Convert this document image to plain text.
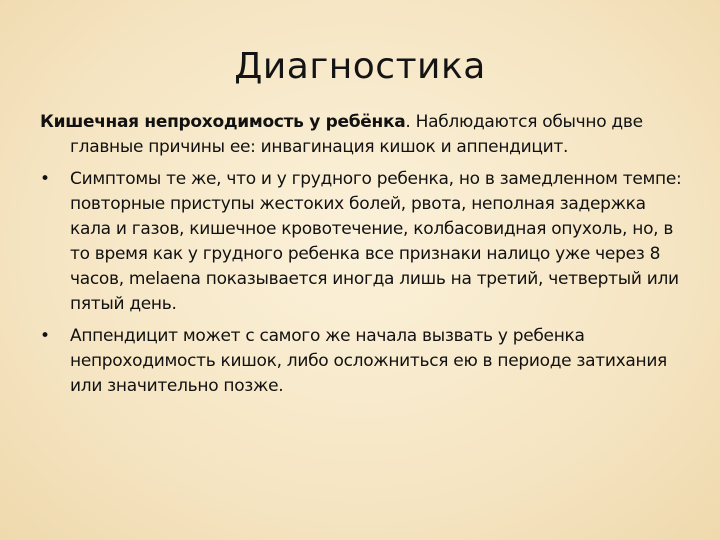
Диагностика

Кишечная непроходимость у ребёнка. Наблюдаются обычно две главные причины ее: инвагинация кишок и аппендицит.

•	Симптомы те же, что и у грудного ребенка, но в замедленном темпе: повторные приступы жестоких болей, рвота, неполная задержка кала и газов, кишечное кровотечение, колбасовидная опухоль, но, в то время как у грудного ребенка все признаки налицо уже через 8 часов, melaena показывается иногда лишь на третий, четвертый или пятый день.
•	Аппендицит может с самого же начала вызвать у ребенка непроходимость кишок, либо осложниться ею в периоде затихания или значительно позже.
